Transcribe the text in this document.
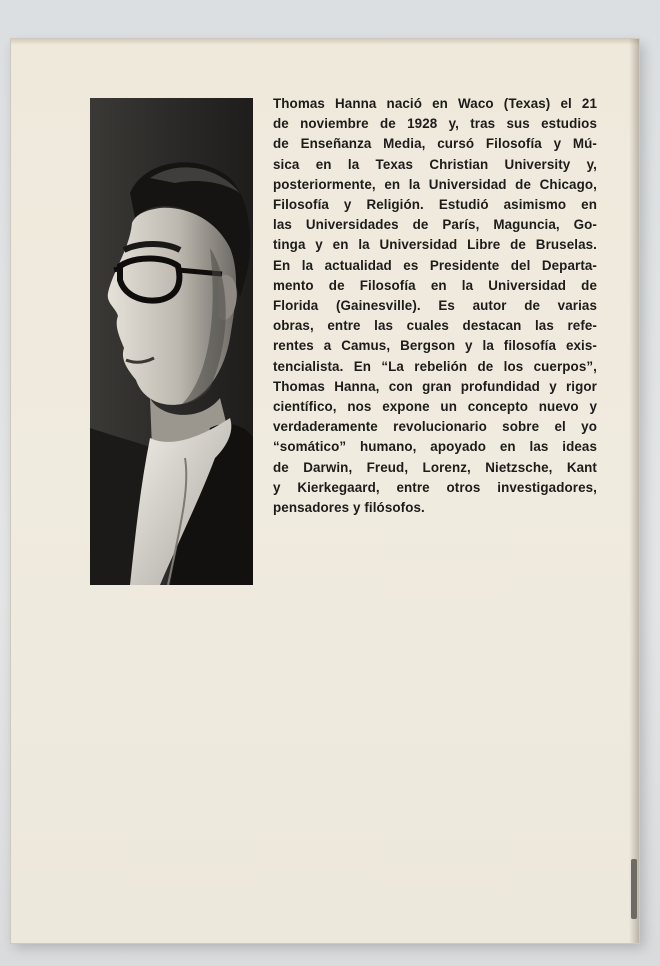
Thomas Hanna nació en Waco (Texas) el 21
de noviembre de 1928 y, tras sus estudios
de Enseñanza Media, cursó Filosofía y Mú-
sica en la Texas Christian University y,
posteriormente, en la Universidad de Chicago,
Filosofía y Religión. Estudió asimismo en
las Universidades de París, Maguncia, Go-
tinga y en la Universidad Libre de Bruselas.
En la actualidad es Presidente del Departa-
mento de Filosofía en la Universidad de
Florida (Gainesville). Es autor de varias
obras, entre las cuales destacan las refe-
rentes a Camus, Bergson y la filosofía exis-
tencialista. En “La rebelión de los cuerpos”,
Thomas Hanna, con gran profundidad y rigor
científico, nos expone un concepto nuevo y
verdaderamente revolucionario sobre el yo
“somático” humano, apoyado en las ideas
de Darwin, Freud, Lorenz, Nietzsche, Kant
y Kierkegaard, entre otros investigadores,
pensadores y filósofos.
